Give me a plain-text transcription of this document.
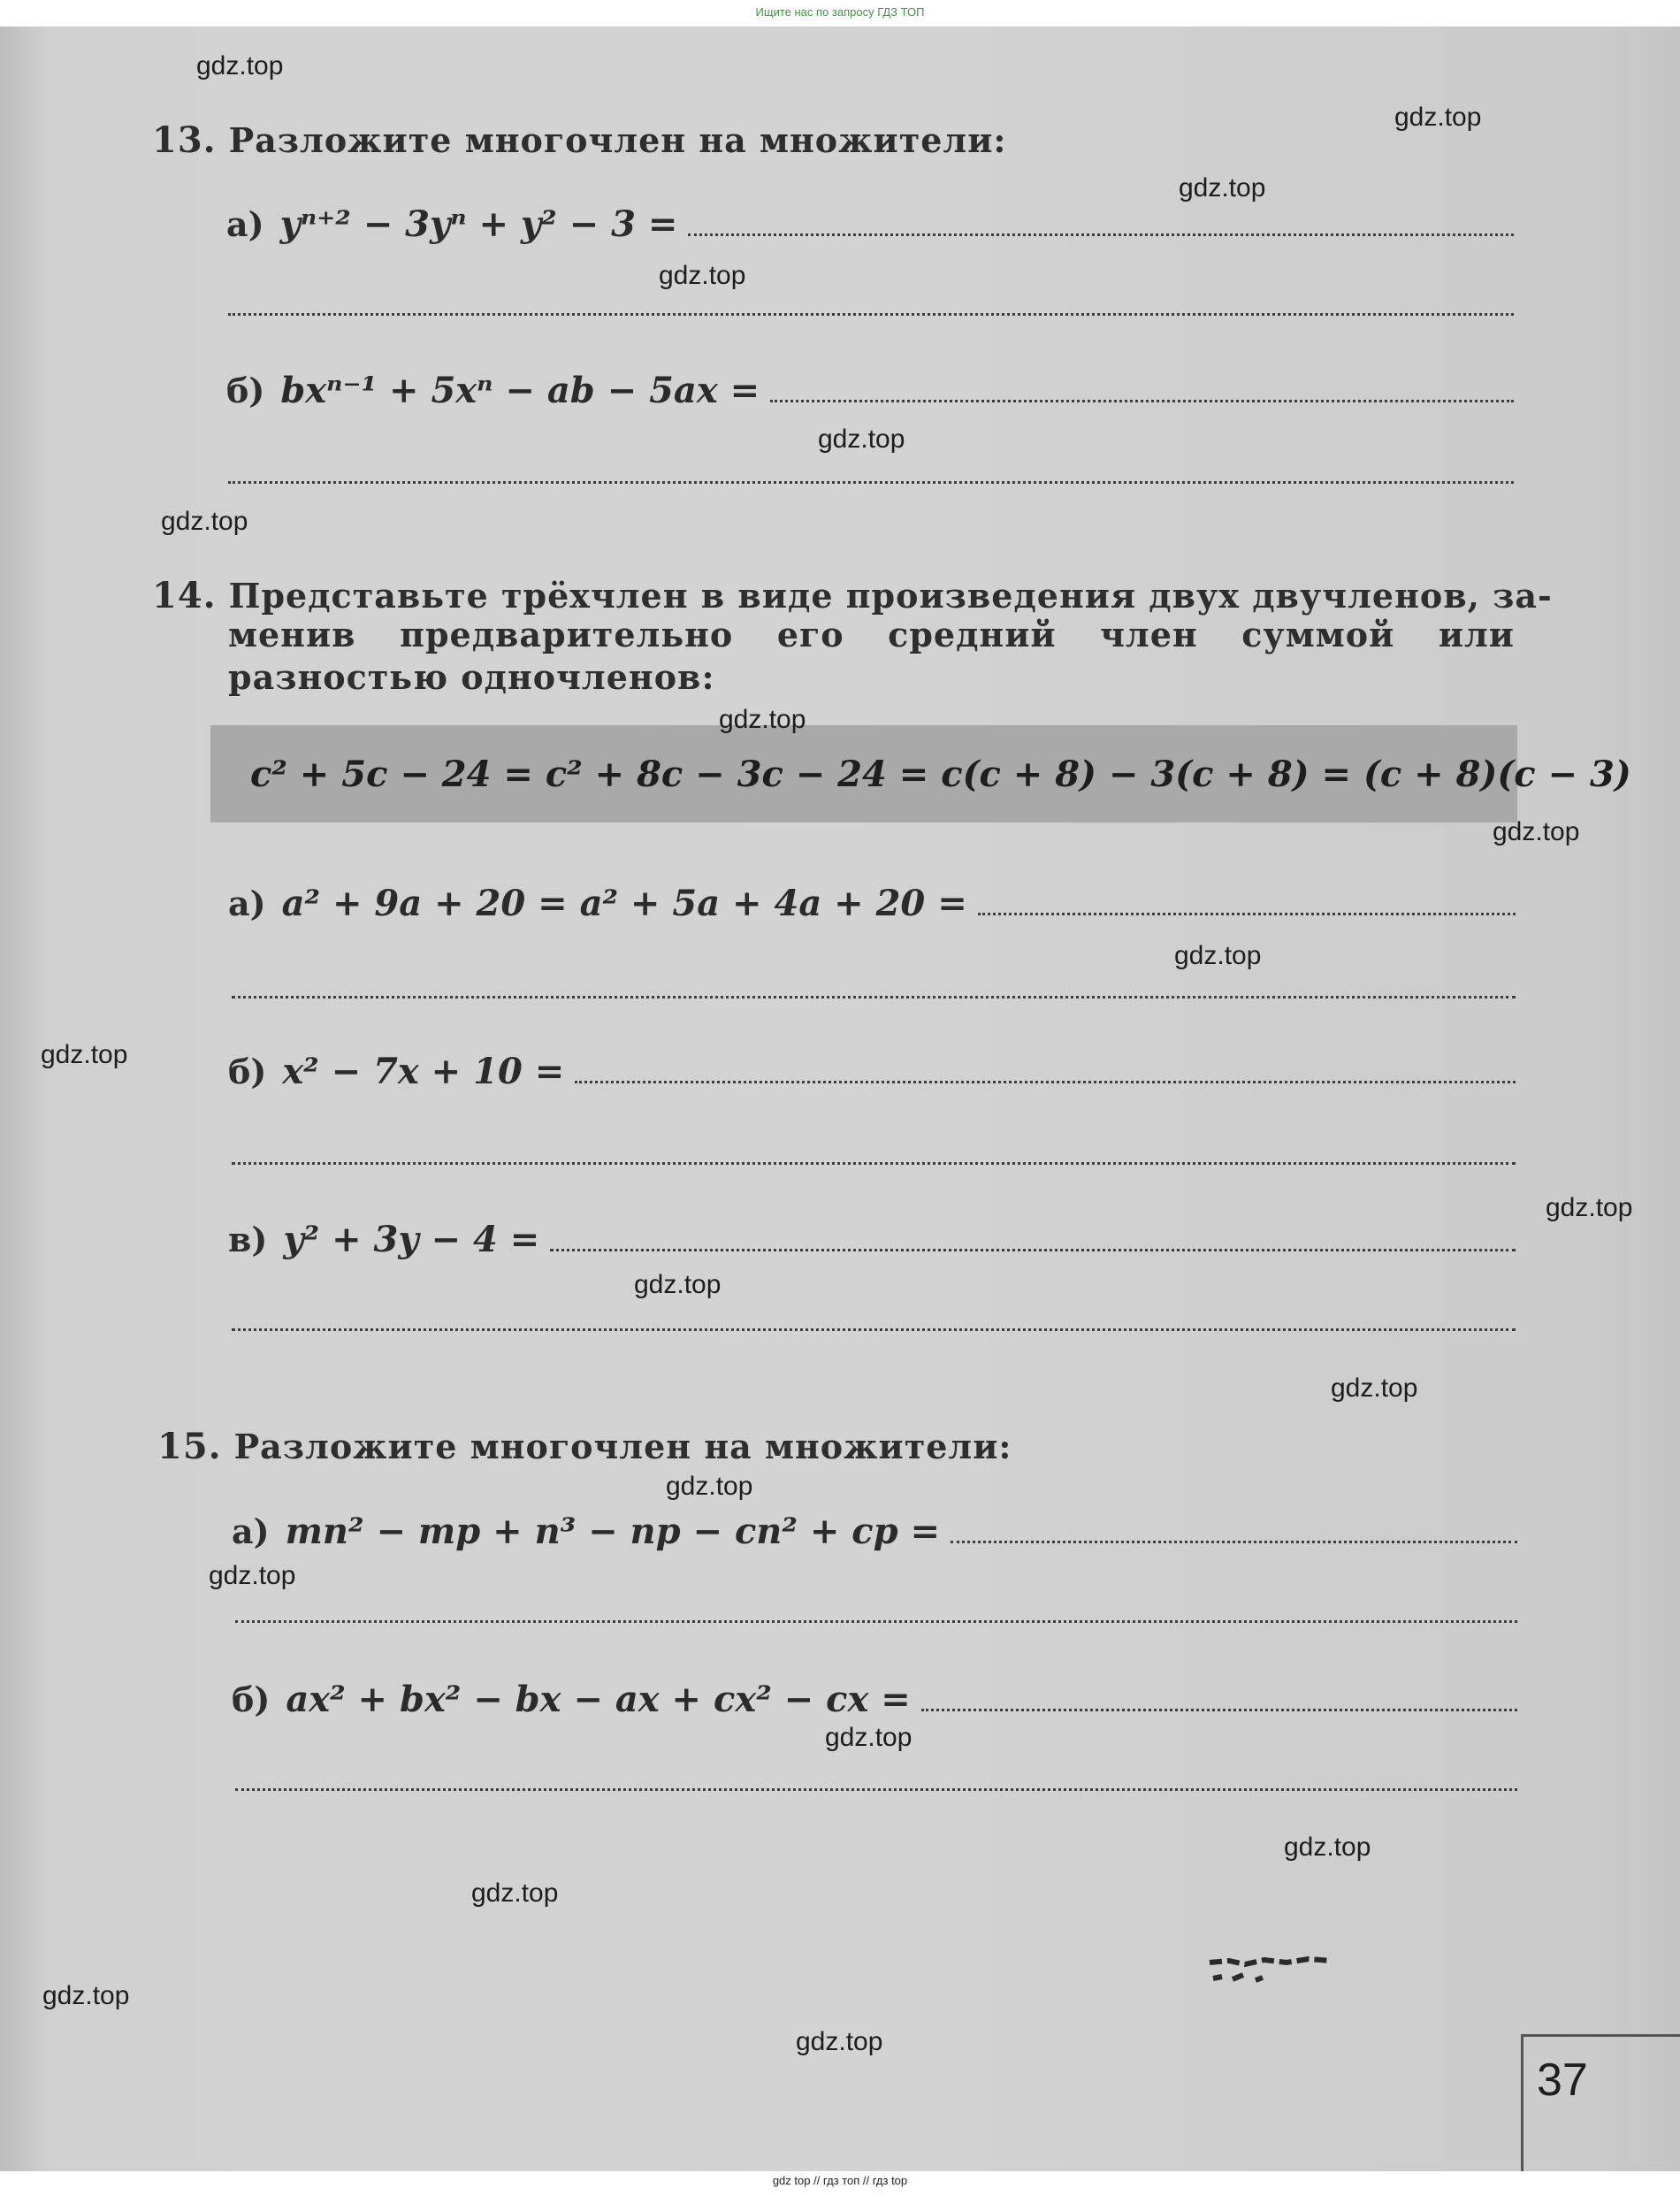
Ищите нас по запросу ГДЗ ТОП
13. Разложите многочлен на множители:
а) yⁿ⁺² − 3yⁿ + y² − 3 =
б) bxⁿ⁻¹ + 5xⁿ − ab − 5ax =
14. Представьте трёхчлен в виде произведения двух двучленов, за-
менив предварительно его средний член суммой или разностью одночленов:
c² + 5c − 24 = c² + 8c − 3c − 24 = c(c + 8) − 3(c + 8) = (c + 8)(c − 3)
а) a² + 9a + 20 = a² + 5a + 4a + 20 =
б) x² − 7x + 10 =
в) y² + 3y − 4 =
15. Разложите многочлен на множители:
а) mn² − mp + n³ − np − cn² + cp =
б) ax² + bx² − bx − ax + cx² − cx =
37
gdz.top
gdz.top
gdz.top
gdz.top
gdz.top
gdz.top
gdz.top
gdz.top
gdz.top
gdz.top
gdz.top
gdz.top
gdz.top
gdz.top
gdz.top
gdz.top
gdz.top
gdz.top
gdz.top
gdz.top
gdz top // гдз топ // гдз top
